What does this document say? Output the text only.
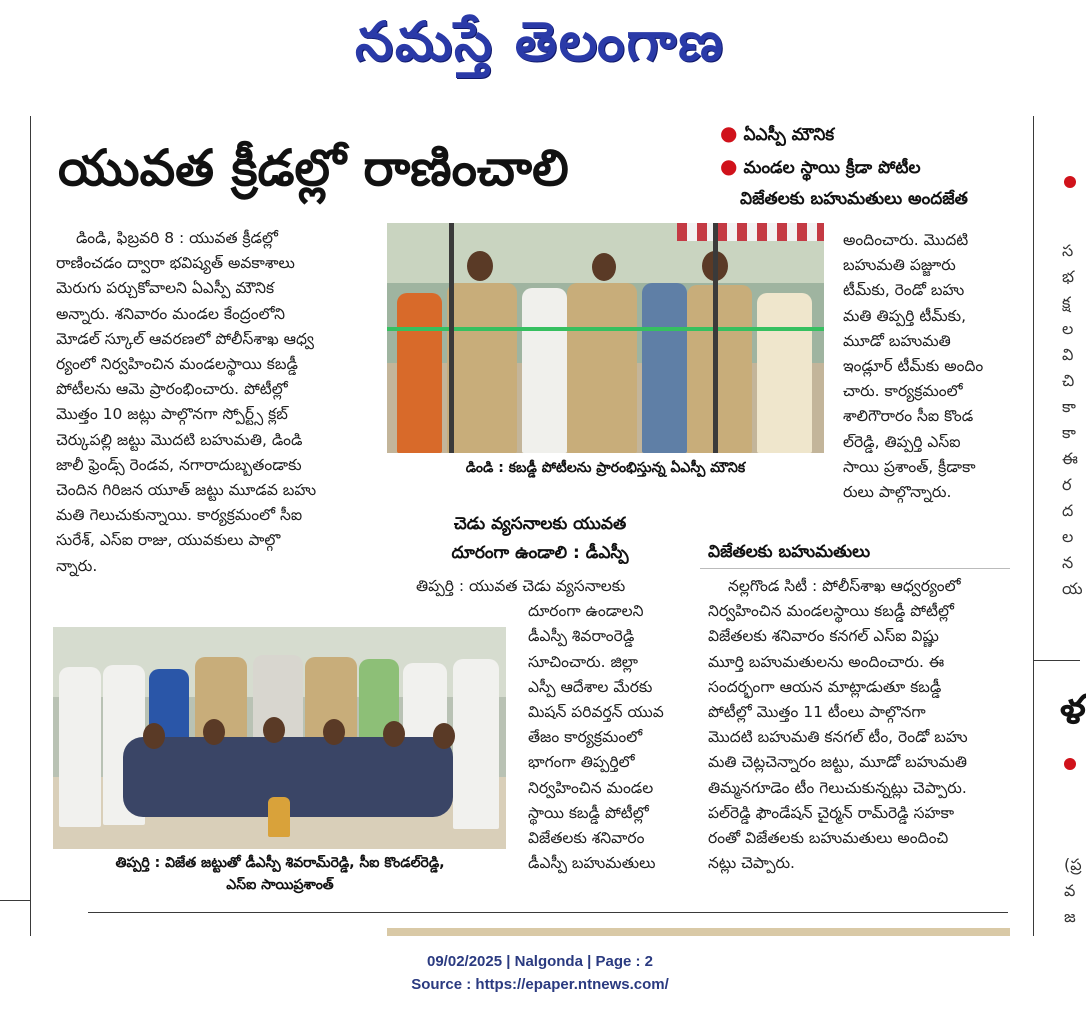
నమస్తే తెలంగాణ
యువత క్రీడల్లో రాణించాలి
● ఏఎస్పీ మౌనిక
● మండల స్థాయి క్రీడా పోటీల
విజేతలకు బహుమతులు అందజేత
డిండి, ఫిబ్రవరి 8 : యువత క్రీడల్లో
రాణించడం ద్వారా భవిష్యత్ అవకాశాలు
మెరుగు పర్చుకోవాలని ఏఎస్పీ మౌనిక
అన్నారు. శనివారం మండల కేంద్రంలోని
మోడల్ స్కూల్ ఆవరణలో పోలీస్‌శాఖ ఆధ్వ
ర్యంలో నిర్వహించిన మండలస్థాయి కబడ్డీ
పోటీలను ఆమె ప్రారంభించారు. పోటీల్లో
మొత్తం 10 జట్లు పాల్గొనగా స్పోర్ట్స్ క్లబ్
చెర్కుపల్లి జట్టు మొదటి బహుమతి, డిండి
జాలీ ఫ్రెండ్స్ రెండవ, నగారాదుబ్బతండాకు
చెందిన గిరిజన యూత్ జట్టు మూడవ బహు
మతి గెలుచుకున్నాయి. కార్యక్రమంలో సీఐ
సురేశ్, ఎస్ఐ రాజు, యువకులు పాల్గొ
న్నారు.
డిండి : కబడ్డీ పోటీలను ప్రారంభిస్తున్న ఏఎస్పీ మౌనిక
అందించారు. మొదటి
బహుమతి పజ్జూరు
టీమ్‌కు, రెండో బహు
మతి తిప్పర్తి టీమ్‌కు,
మూడో బహుమతి
ఇండ్లూర్ టీమ్‌కు అందిం
చారు. కార్యక్రమంలో
శాలిగౌరారం సీఐ కొండ
ల్‌రెడ్డి, తిప్పర్తి ఎస్ఐ
సాయి ప్రశాంత్, క్రీడాకా
రులు పాల్గొన్నారు.
చెడు వ్యసనాలకు యువత
దూరంగా ఉండాలి : డీఎస్పీ
తిప్పర్తి : యువత చెడు వ్యసనాలకు
దూరంగా ఉండాలని
డీఎస్పీ శివరాంరెడ్డి
సూచించారు. జిల్లా
ఎస్పీ ఆదేశాల మేరకు
మిషన్ పరివర్తన్ యువ
తేజం కార్యక్రమంలో
భాగంగా తిప్పర్తిలో
నిర్వహించిన మండల
స్థాయి కబడ్డీ పోటీల్లో
విజేతలకు శనివారం
డీఎస్పీ బహుమతులు
విజేతలకు బహుమతులు
నల్లగొండ సిటీ : పోలీస్‌శాఖ ఆధ్వర్యంలో
నిర్వహించిన మండలస్థాయి కబడ్డీ పోటీల్లో
విజేతలకు శనివారం కనగల్ ఎస్ఐ విష్ణు
మూర్తి బహుమతులను అందించారు. ఈ
సందర్భంగా ఆయన మాట్లాడుతూ కబడ్డీ
పోటీల్లో మొత్తం 11 టీంలు పాల్గొనగా
మొదటి బహుమతి కనగల్ టీం, రెండో బహు
మతి చెట్లచెన్నారం జట్టు, మూడో బహుమతి
తిమ్మనగూడెం టీం గెలుచుకున్నట్లు చెప్పారు.
పల్‌రెడ్డి ఫౌండేషన్ చైర్మన్ రామ్‌రెడ్డి సహకా
రంతో విజేతలకు బహుమతులు అందించి
నట్లు చెప్పారు.
తిప్పర్తి : విజేత జట్టుతో డీఎస్పీ శివరామ్‌రెడ్డి, సీఐ కొండల్‌రెడ్డి,
ఎస్ఐ సాయిప్రశాంత్
స
భ
క్ష
ల
వి
చి
కా
కా
ఈ
ర
ద
ల
న
య
ళ
(ప్ర
వ
జ
09/02/2025 | Nalgonda | Page : 2
Source : https://epaper.ntnews.com/
